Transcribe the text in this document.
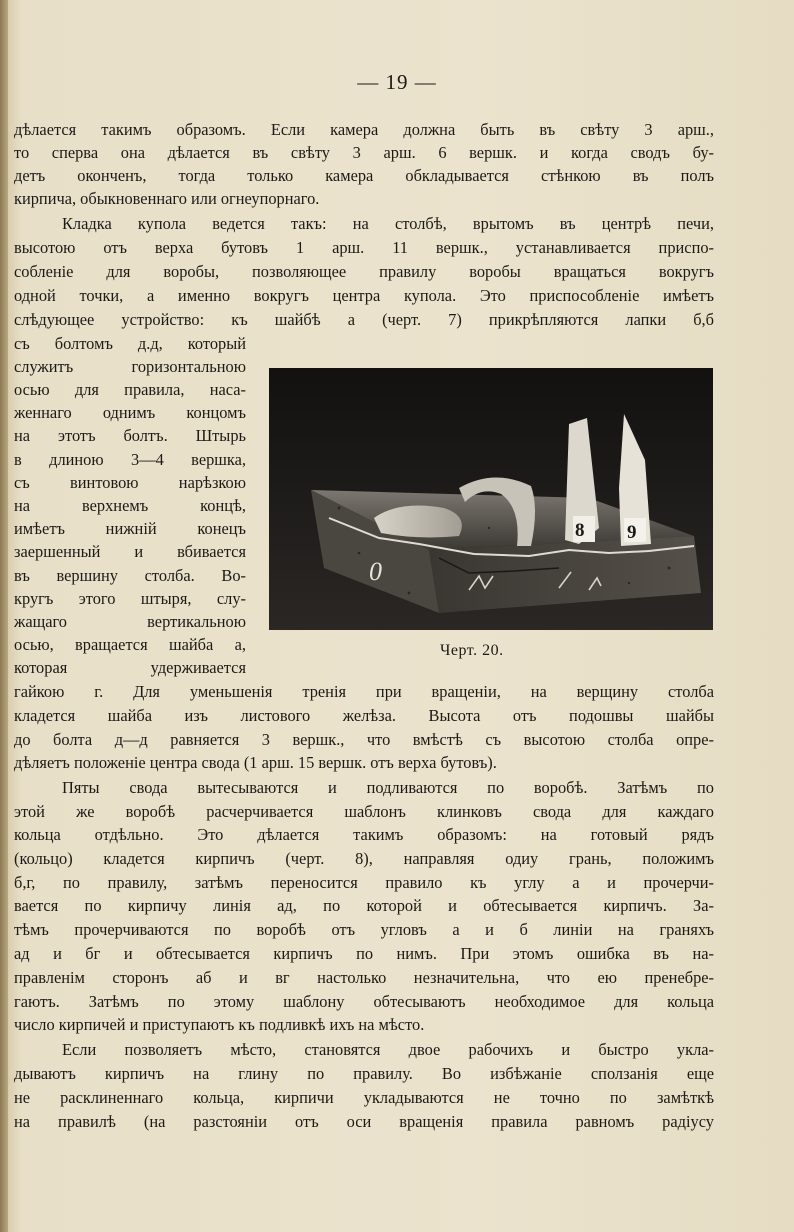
— 19 —
дѣлается такимъ образомъ. Если камера должна быть въ свѣту 3 арш.,
то сперва она дѣлается въ свѣту 3 арш. 6 вершк. и когда сводъ бу-
детъ оконченъ, тогда только камера обкладывается стѣнкою въ полъ
кирпича, обыкновеннаго или огнеупорнаго.
Кладка купола ведется такъ: на столбѣ, врытомъ въ центрѣ печи,
высотою отъ верха бутовъ 1 арш. 11 вершк., устанавливается приспо-
собленіе для воробы, позволяющее правилу воробы вращаться вокругъ
одной точки, а именно вокругъ центра купола. Это приспособленіе имѣетъ
слѣдующее устройство: къ шайбѣ а (черт. 7) прикрѣпляются лапки б,б
съ болтомъ д.д, который
служитъ горизонтальною
осью для правила, наса-
женнаго однимъ концомъ
на этотъ болтъ. Штырь
в длиною 3—4 вершка,
съ винтовою нарѣзкою
на верхнемъ концѣ,
имѣетъ нижній конецъ
заершенный и вбивается
въ вершину столба. Во-
кругъ этого штыря, слу-
жащаго вертикальною
осью, вращается шайба а,
которая удерживается
8 9
0
Черт. 20.
гайкою г. Для уменьшенія тренія при вращеніи, на верщину столба
кладется шайба изъ листового желѣза. Высота отъ подошвы шайбы
до болта д—д равняется 3 вершк., что вмѣстѣ съ высотою столба опре-
дѣляетъ положеніе центра свода (1 арш. 15 вершк. отъ верха бутовъ).
Пяты свода вытесываются и подливаются по воробѣ. Затѣмъ по
этой же воробѣ расчерчивается шаблонъ клинковъ свода для каждаго
кольца отдѣльно. Это дѣлается такимъ образомъ: на готовый рядъ
(кольцо) кладется кирпичъ (черт. 8), направляя одиу грань, положимъ
б,г, по правилу, затѣмъ переносится правило къ углу а и прочерчи-
вается по кирпичу линія ад, по которой и обтесывается кирпичъ. За-
тѣмъ прочерчиваются по воробѣ отъ угловъ а и б линіи на граняхъ
ад и бг и обтесывается кирпичъ по нимъ. При этомъ ошибка въ на-
правленім сторонъ аб и вг настолько незначительна, что ею пренебре-
гаютъ. Затѣмъ по этому шаблону обтесываютъ необходимое для кольца
число кирпичей и приступаютъ къ подливкѣ ихъ на мѣсто.
Если позволяетъ мѣсто, становятся двое рабочихъ и быстро укла-
дываютъ кирпичъ на глину по правилу. Во избѣжаніе сползанія еще
не расклиненнаго кольца, кирпичи укладываются не точно по замѣткѣ
на правилѣ (на разстояніи отъ оси вращенія правила равномъ радіусу
